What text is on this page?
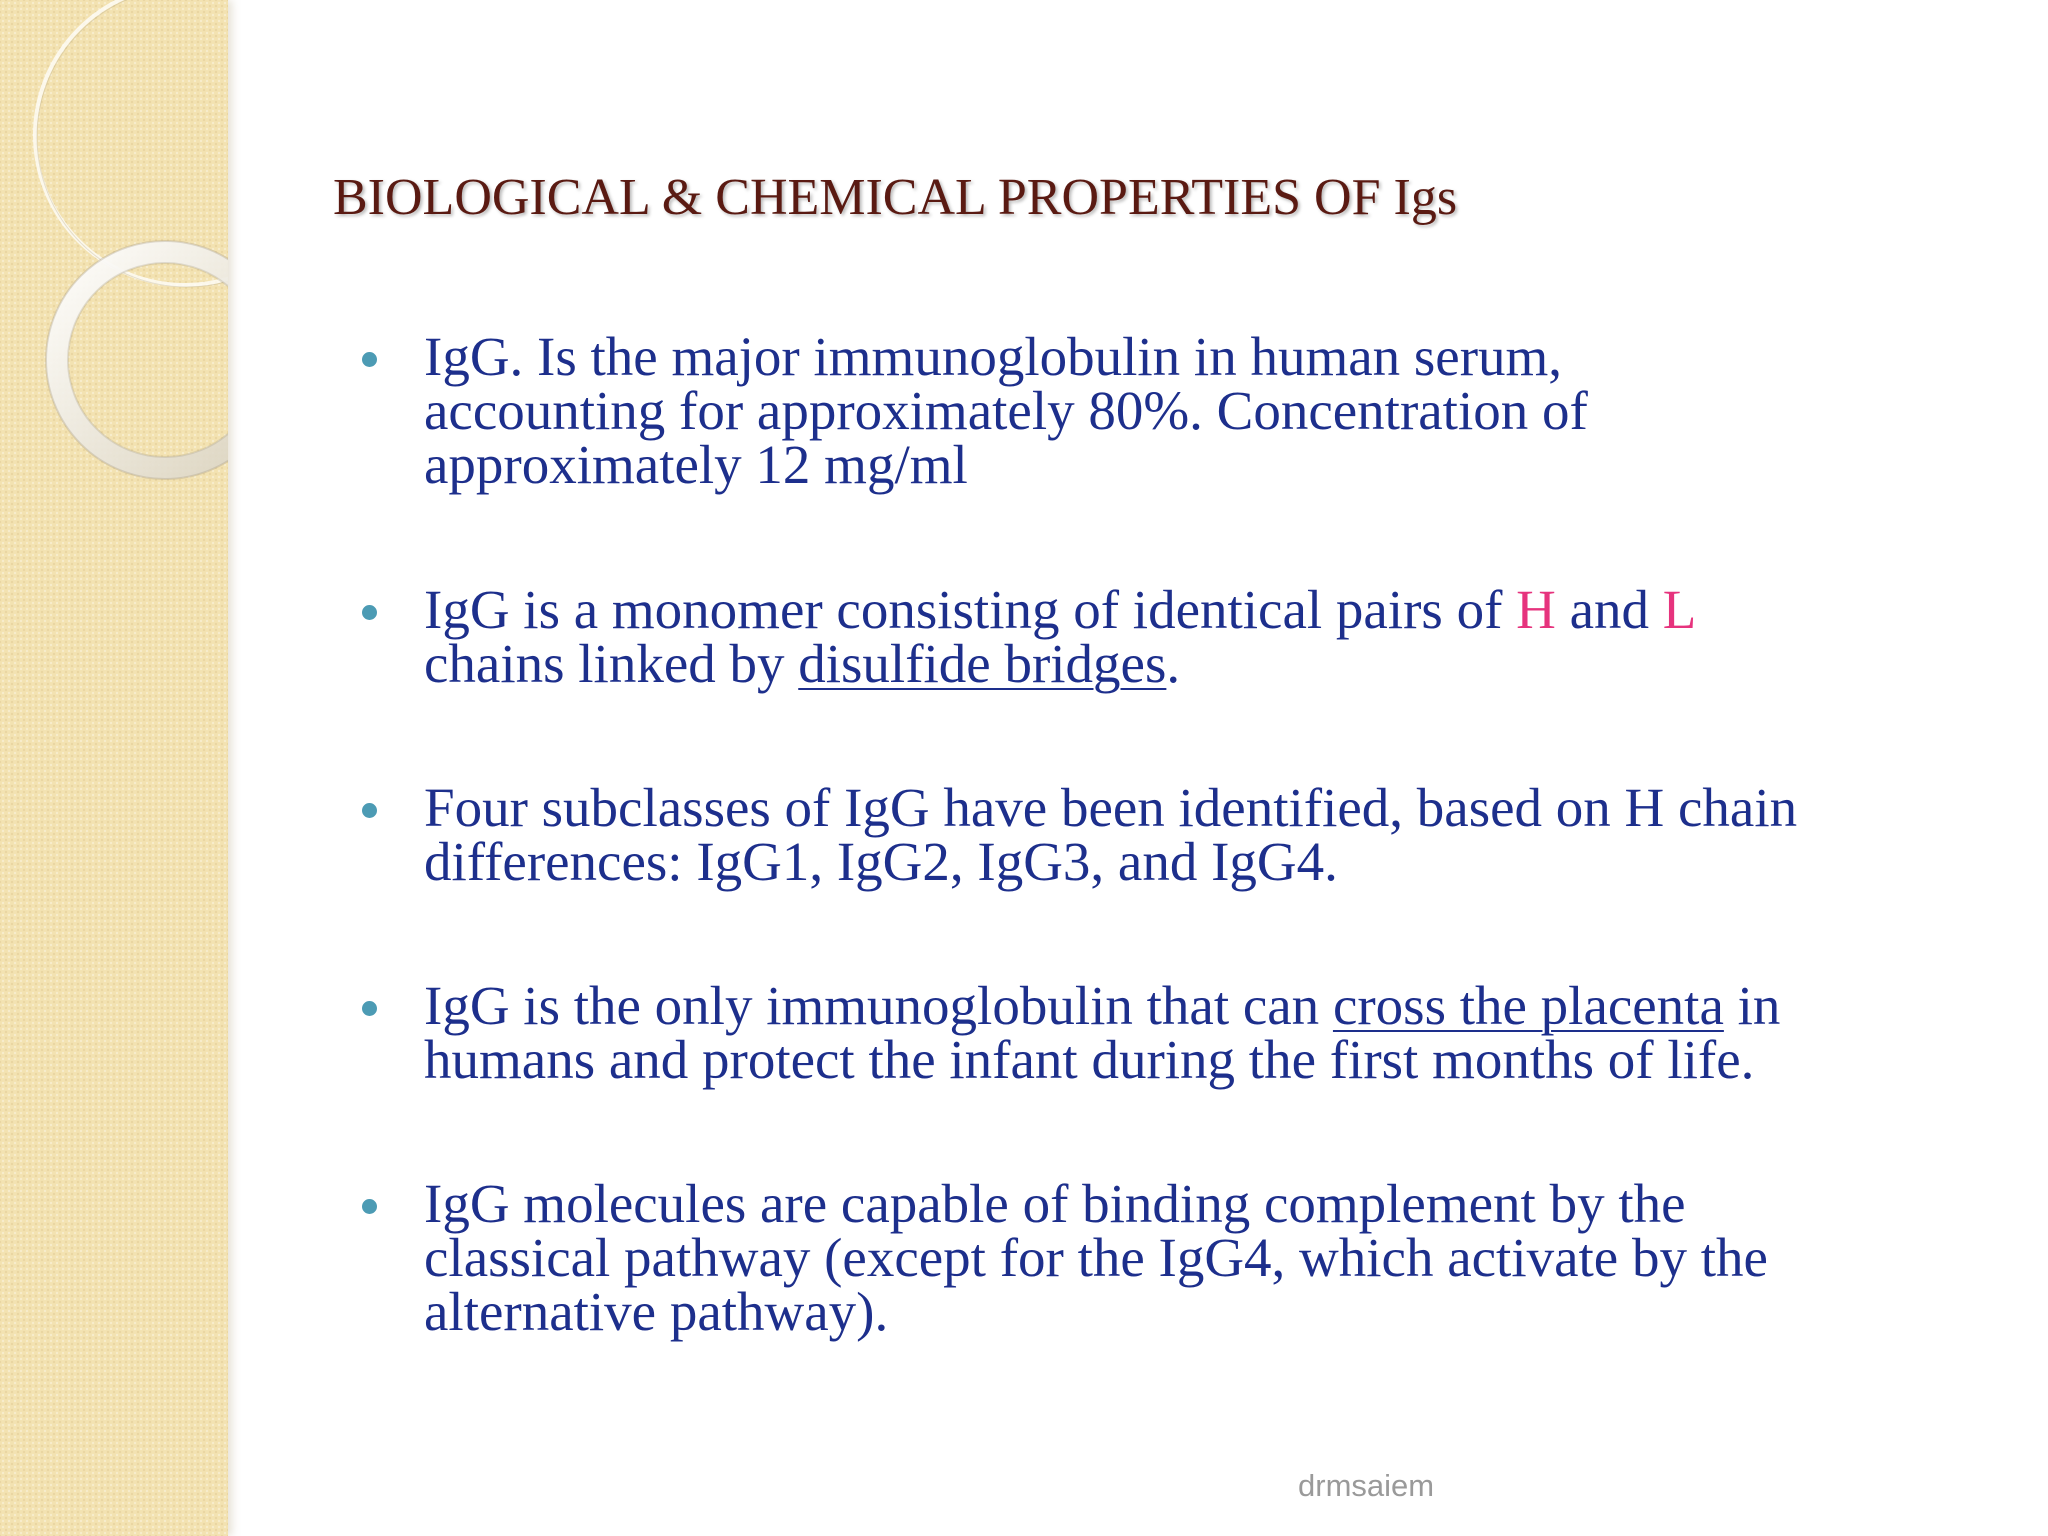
BIOLOGICAL & CHEMICAL PROPERTIES OF Igs
IgG. Is the major immunoglobulin in human serum,
accounting for approximately 80%. Concentration of
approximately 12 mg/ml
IgG is a monomer consisting of identical pairs of H and L
chains linked by disulfide bridges.
Four subclasses of IgG have been identified, based on H chain
differences: IgG1, IgG2, IgG3, and IgG4.
IgG is the only immunoglobulin that can cross the placenta in
humans and protect the infant during the first months of life.
IgG molecules are capable of binding complement by the
classical pathway (except for the IgG4, which activate by the
alternative pathway).
drmsaiem
